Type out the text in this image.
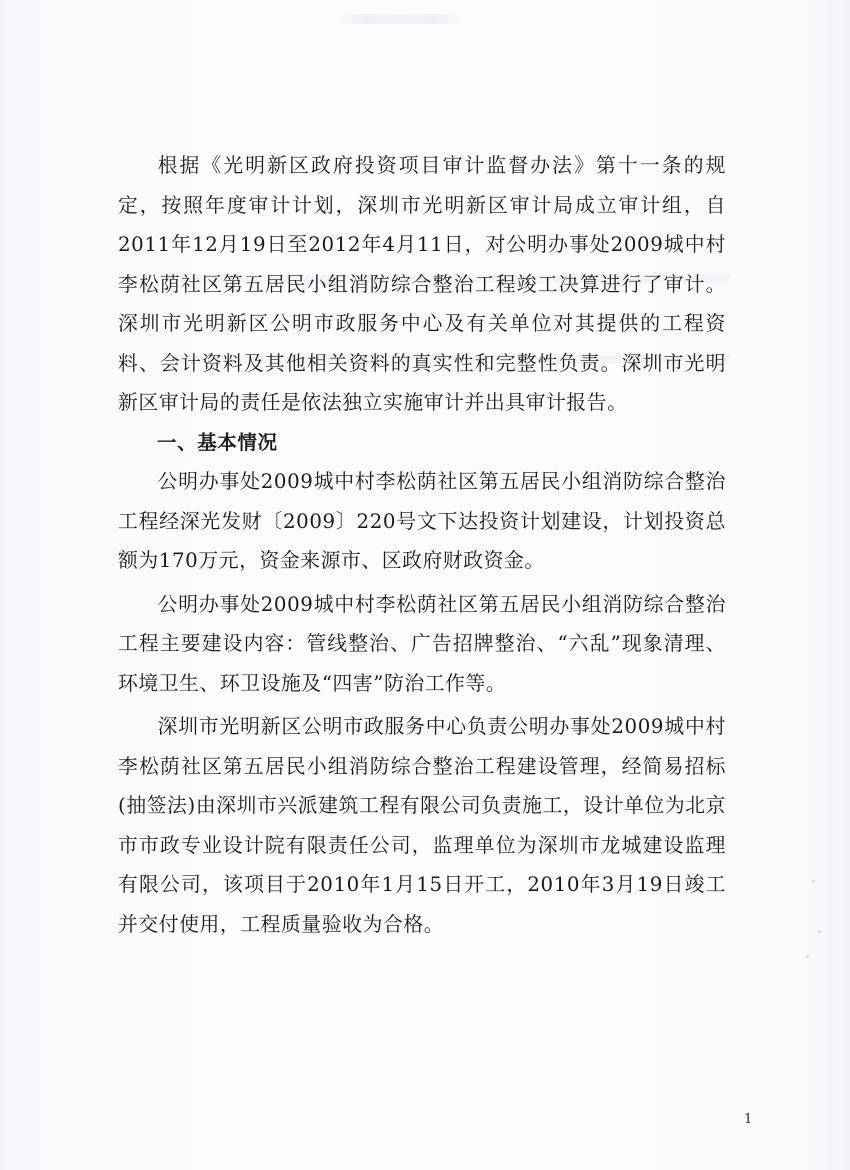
根据《光明新区政府投资项目审计监督办法》第十一条的规定，按照年度审计计划，深圳市光明新区审计局成立审计组，自2011年12月19日至2012年4月11日，对公明办事处2009城中村李松荫社区第五居民小组消防综合整治工程竣工决算进行了审计。深圳市光明新区公明市政服务中心及有关单位对其提供的工程资料、会计资料及其他相关资料的真实性和完整性负责。深圳市光明新区审计局的责任是依法独立实施审计并出具审计报告。

一、基本情况

公明办事处2009城中村李松荫社区第五居民小组消防综合整治工程经深光发财〔2009〕220号文下达投资计划建设，计划投资总额为170万元，资金来源市、区政府财政资金。

公明办事处2009城中村李松荫社区第五居民小组消防综合整治工程主要建设内容：管线整治、广告招牌整治、“六乱”现象清理、环境卫生、环卫设施及“四害”防治工作等。

深圳市光明新区公明市政服务中心负责公明办事处2009城中村李松荫社区第五居民小组消防综合整治工程建设管理，经简易招标(抽签法)由深圳市兴派建筑工程有限公司负责施工，设计单位为北京市市政专业设计院有限责任公司，监理单位为深圳市龙城建设监理有限公司，该项目于2010年1月15日开工，2010年3月19日竣工并交付使用，工程质量验收为合格。

1
